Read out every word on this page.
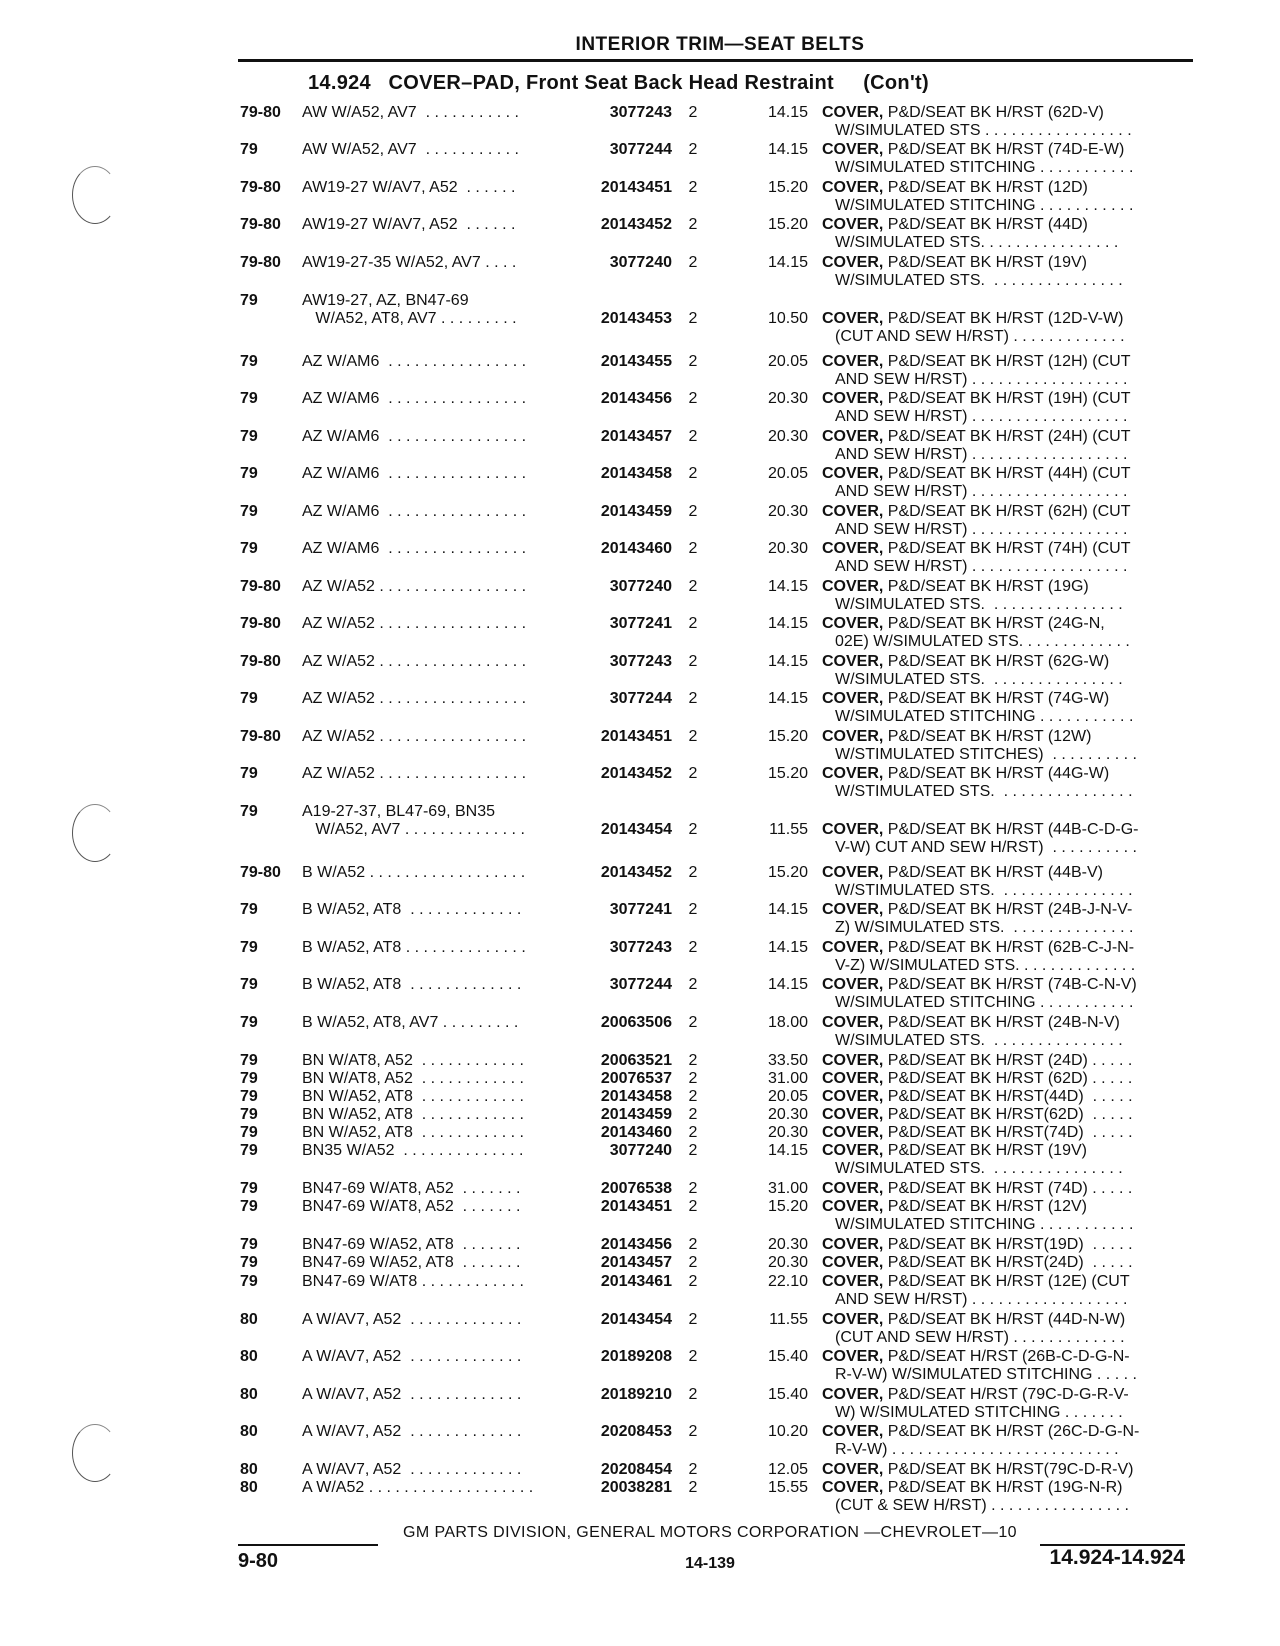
INTERIOR TRIM—SEAT BELTS
14.924   COVER–PAD, Front Seat Back Head Restraint     (Con't)
79-80	AW W/A52, AV7  . . . . . . . . . . .	3077243	2	14.15 COVER, P&D/SEAT BK H/RST (62D-V)
W/SIMULATED STS . . . . . . . . . . . . . . . . .
79	AW W/A52, AV7  . . . . . . . . . . .	3077244	2	14.15 COVER, P&D/SEAT BK H/RST (74D-E-W)
W/SIMULATED STITCHING . . . . . . . . . . .
79-80	AW19-27 W/AV7, A52  . . . . . .	20143451	2	15.20 COVER, P&D/SEAT BK H/RST (12D)
W/SIMULATED STITCHING . . . . . . . . . . .
79-80	AW19-27 W/AV7, A52  . . . . . .	20143452	2	15.20 COVER, P&D/SEAT BK H/RST (44D)
W/SIMULATED STS. . . . . . . . . . . . . . . .
79-80	AW19-27-35 W/A52, AV7 . . . .	3077240	2	14.15 COVER, P&D/SEAT BK H/RST (19V)
W/SIMULATED STS.  . . . . . . . . . . . . . . .
79	AW19-27, AZ, BN47-69
W/A52, AT8, AV7 . . . . . . . . .	20143453	2	10.50 COVER, P&D/SEAT BK H/RST (12D-V-W)
(CUT AND SEW H/RST) . . . . . . . . . . . . .
79	AZ W/AM6  . . . . . . . . . . . . . . . .	20143455	2	20.05 COVER, P&D/SEAT BK H/RST (12H) (CUT
AND SEW H/RST) . . . . . . . . . . . . . . . . . .
79	AZ W/AM6  . . . . . . . . . . . . . . . .	20143456	2	20.30 COVER, P&D/SEAT BK H/RST (19H) (CUT
AND SEW H/RST) . . . . . . . . . . . . . . . . . .
79	AZ W/AM6  . . . . . . . . . . . . . . . .	20143457	2	20.30 COVER, P&D/SEAT BK H/RST (24H) (CUT
AND SEW H/RST) . . . . . . . . . . . . . . . . . .
79	AZ W/AM6  . . . . . . . . . . . . . . . .	20143458	2	20.05 COVER, P&D/SEAT BK H/RST (44H) (CUT
AND SEW H/RST) . . . . . . . . . . . . . . . . . .
79	AZ W/AM6  . . . . . . . . . . . . . . . .	20143459	2	20.30 COVER, P&D/SEAT BK H/RST (62H) (CUT
AND SEW H/RST) . . . . . . . . . . . . . . . . . .
79	AZ W/AM6  . . . . . . . . . . . . . . . .	20143460	2	20.30 COVER, P&D/SEAT BK H/RST (74H) (CUT
AND SEW H/RST) . . . . . . . . . . . . . . . . . .
79-80	AZ W/A52 . . . . . . . . . . . . . . . . .	3077240	2	14.15 COVER, P&D/SEAT BK H/RST (19G)
W/SIMULATED STS.  . . . . . . . . . . . . . . .
79-80	AZ W/A52 . . . . . . . . . . . . . . . . .	3077241	2	14.15 COVER, P&D/SEAT BK H/RST (24G-N,
02E) W/SIMULATED STS. . . . . . . . . . . . .
79-80	AZ W/A52 . . . . . . . . . . . . . . . . .	3077243	2	14.15 COVER, P&D/SEAT BK H/RST (62G-W)
W/SIMULATED STS.  . . . . . . . . . . . . . . .
79	AZ W/A52 . . . . . . . . . . . . . . . . .	3077244	2	14.15 COVER, P&D/SEAT BK H/RST (74G-W)
W/SIMULATED STITCHING . . . . . . . . . . .
79-80	AZ W/A52 . . . . . . . . . . . . . . . . .	20143451	2	15.20 COVER, P&D/SEAT BK H/RST (12W)
W/STIMULATED STITCHES)  . . . . . . . . . .
79	AZ W/A52 . . . . . . . . . . . . . . . . .	20143452	2	15.20 COVER, P&D/SEAT BK H/RST (44G-W)
W/STIMULATED STS.  . . . . . . . . . . . . . . .
79	A19-27-37, BL47-69, BN35
W/A52, AV7 . . . . . . . . . . . . . .	20143454	2	11.55 COVER, P&D/SEAT BK H/RST (44B-C-D-G-
V-W) CUT AND SEW H/RST)  . . . . . . . . . .
79-80	B W/A52 . . . . . . . . . . . . . . . . . .	20143452	2	15.20 COVER, P&D/SEAT BK H/RST (44B-V)
W/STIMULATED STS.  . . . . . . . . . . . . . . .
79	B W/A52, AT8  . . . . . . . . . . . . .	3077241	2	14.15 COVER, P&D/SEAT BK H/RST (24B-J-N-V-
Z) W/SIMULATED STS.  . . . . . . . . . . . . . .
79	B W/A52, AT8 . . . . . . . . . . . . . .	3077243	2	14.15 COVER, P&D/SEAT BK H/RST (62B-C-J-N-
V-Z) W/SIMULATED STS. . . . . . . . . . . . . .
79	B W/A52, AT8  . . . . . . . . . . . . .	3077244	2	14.15 COVER, P&D/SEAT BK H/RST (74B-C-N-V)
W/SIMULATED STITCHING . . . . . . . . . . .
79	B W/A52, AT8, AV7 . . . . . . . . .	20063506	2	18.00 COVER, P&D/SEAT BK H/RST (24B-N-V)
W/SIMULATED STS.  . . . . . . . . . . . . . . .
79	BN W/AT8, A52  . . . . . . . . . . . .	20063521	2	33.50 COVER, P&D/SEAT BK H/RST (24D) . . . . .
79	BN W/AT8, A52  . . . . . . . . . . . .	20076537	2	31.00 COVER, P&D/SEAT BK H/RST (62D) . . . . .
79	BN W/A52, AT8  . . . . . . . . . . . .	20143458	2	20.05 COVER, P&D/SEAT BK H/RST(44D)  . . . . .
79	BN W/A52, AT8  . . . . . . . . . . . .	20143459	2	20.30 COVER, P&D/SEAT BK H/RST(62D)  . . . . .
79	BN W/A52, AT8  . . . . . . . . . . . .	20143460	2	20.30 COVER, P&D/SEAT BK H/RST(74D)  . . . . .
79	BN35 W/A52  . . . . . . . . . . . . . .	3077240	2	14.15 COVER, P&D/SEAT BK H/RST (19V)
W/SIMULATED STS.  . . . . . . . . . . . . . . .
79	BN47-69 W/AT8, A52  . . . . . . .	20076538	2	31.00 COVER, P&D/SEAT BK H/RST (74D) . . . . .
79	BN47-69 W/AT8, A52  . . . . . . .	20143451	2	15.20 COVER, P&D/SEAT BK H/RST (12V)
W/SIMULATED STITCHING . . . . . . . . . . .
79	BN47-69 W/A52, AT8  . . . . . . .	20143456	2	20.30 COVER, P&D/SEAT BK H/RST(19D)  . . . . .
79	BN47-69 W/A52, AT8  . . . . . . .	20143457	2	20.30 COVER, P&D/SEAT BK H/RST(24D)  . . . . .
79	BN47-69 W/AT8 . . . . . . . . . . . .	20143461	2	22.10 COVER, P&D/SEAT BK H/RST (12E) (CUT
AND SEW H/RST) . . . . . . . . . . . . . . . . . .
80	A W/AV7, A52  . . . . . . . . . . . . .	20143454	2	11.55 COVER, P&D/SEAT BK H/RST (44D-N-W)
(CUT AND SEW H/RST) . . . . . . . . . . . . .
80	A W/AV7, A52  . . . . . . . . . . . . .	20189208	2	15.40 COVER, P&D/SEAT H/RST (26B-C-D-G-N-
R-V-W) W/SIMULATED STITCHING . . . . .
80	A W/AV7, A52  . . . . . . . . . . . . .	20189210	2	15.40 COVER, P&D/SEAT H/RST (79C-D-G-R-V-
W) W/SIMULATED STITCHING . . . . . . .
80	A W/AV7, A52  . . . . . . . . . . . . .	20208453	2	10.20 COVER, P&D/SEAT BK H/RST (26C-D-G-N-
R-V-W) . . . . . . . . . . . . . . . . . . . . . . . . . .
80	A W/AV7, A52  . . . . . . . . . . . . .	20208454	2	12.05 COVER, P&D/SEAT BK H/RST(79C-D-R-V)
80	A W/A52 . . . . . . . . . . . . . . . . . . .	20038281	2	15.55 COVER, P&D/SEAT BK H/RST (19G-N-R)
(CUT & SEW H/RST) . . . . . . . . . . . . . . . .
GM PARTS DIVISION, GENERAL MOTORS CORPORATION —CHEVROLET—10
9-80	14-139	14.924-14.924
